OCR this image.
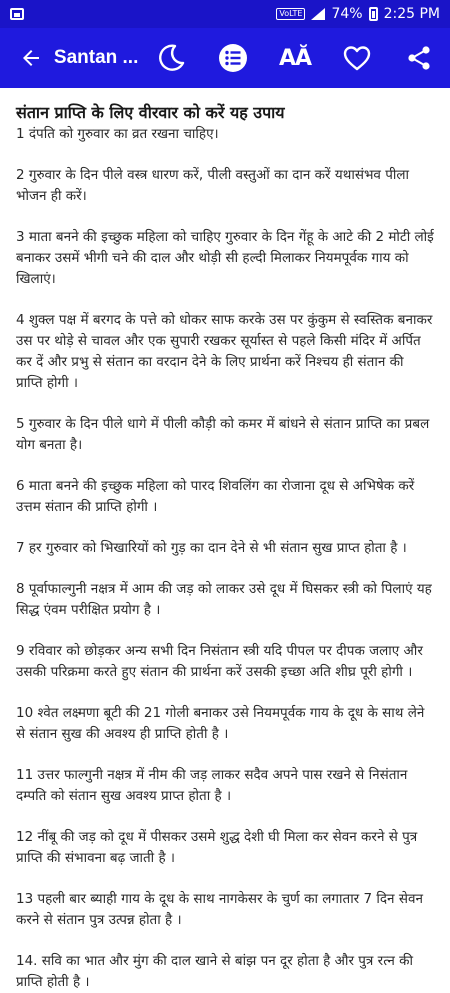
VoLTE 74% 2:25 PM
Santan ...	AĂ
संतान प्राप्ति के लिए वीरवार को करें यह उपाय

1 दंपति को गुरुवार का व्रत रखना चाहिए।

2 गुरुवार के दिन पीले वस्त्र धारण करें, पीली वस्तुओं का दान करें यथासंभव पीला भोजन ही करें।

3 माता बनने की इच्छुक महिला को चाहिए गुरुवार के दिन गेंहू के आटे की 2 मोटी लोई बनाकर उसमें भीगी चने की दाल और थोड़ी सी हल्दी मिलाकर नियमपूर्वक गाय को खिलाएं।

4 शुक्ल पक्ष में बरगद के पत्ते को धोकर साफ करके उस पर कुंकुम से स्वस्तिक बनाकर उस पर थोड़े से चावल और एक सुपारी रखकर सूर्यास्त से पहले किसी मंदिर में अर्पित कर दें और प्रभु से संतान का वरदान देने के लिए प्रार्थना करें निश्चय ही संतान की प्राप्ति होगी ।

5 गुरुवार के दिन पीले धागे में पीली कौड़ी को कमर में बांधने से संतान प्राप्ति का प्रबल योग बनता है।

6 माता बनने की इच्छुक महिला को पारद शिवलिंग का रोजाना दूध से अभिषेक करें उत्तम संतान की प्राप्ति होगी ।

7 हर गुरुवार को भिखारियों को गुड़ का दान देने से भी संतान सुख प्राप्त होता है ।

8 पूर्वाफाल्गुनी नक्षत्र में आम की जड़ को लाकर उसे दूध में घिसकर स्त्री को पिलाएं यह सिद्ध एंवम परीक्षित प्रयोग है ।

9 रविवार को छोड़कर अन्य सभी दिन निसंतान स्त्री यदि पीपल पर दीपक जलाए और उसकी परिक्रमा करते हुए संतान की प्रार्थना करें उसकी इच्छा अति शीघ्र पूरी होगी ।

10 श्वेत लक्ष्मणा बूटी की 21 गोली बनाकर उसे नियमपूर्वक गाय के दूध के साथ लेने से संतान सुख की अवश्य ही प्राप्ति होती है ।

11 उत्तर फाल्गुनी नक्षत्र में नीम की जड़ लाकर सदैव अपने पास रखने से निसंतान दम्पति को संतान सुख अवश्य प्राप्त होता है ।

12 नींबू की जड़ को दूध में पीसकर उसमे शुद्ध देशी घी मिला कर सेवन करने से पुत्र प्राप्ति की संभावना बढ़ जाती है ।

13 पहली बार ब्याही गाय के दूध के साथ नागकेसर के चुर्ण का लगातार 7 दिन सेवन करने से संतान पुत्र उत्पन्न होता है ।

14. सवि का भात और मुंग की दाल खाने से बांझ पन दूर होता है और पुत्र रत्न की प्राप्ति होती है ।
